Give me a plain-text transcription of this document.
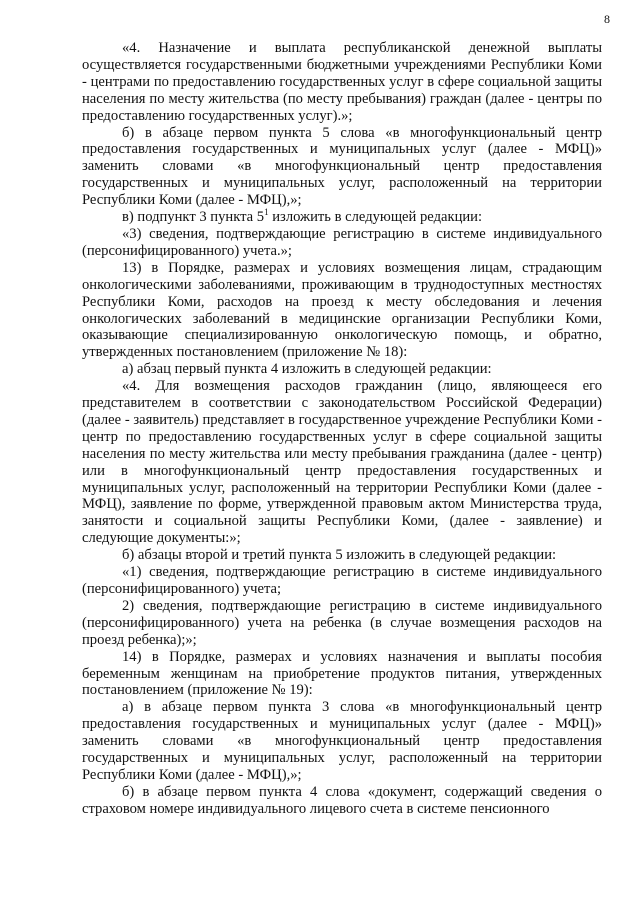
8

«4. Назначение и выплата республиканской денежной выплаты осуществляется государственными бюджетными учреждениями Республики Коми - центрами по предоставлению государственных услуг в сфере социальной защиты населения по месту жительства (по месту пребывания) граждан (далее - центры по предоставлению государственных услуг).»;

б) в абзаце первом пункта 5 слова «в многофункциональный центр предоставления государственных и муниципальных услуг (далее - МФЦ)» заменить словами «в многофункциональный центр предоставления государственных и муниципальных услуг, расположенный на территории Республики Коми (далее - МФЦ),»;

в) подпункт 3 пункта $5^1$ изложить в следующей редакции:

«3) сведения, подтверждающие регистрацию в системе индивидуального (персонифицированного) учета.»;

13) в Порядке, размерах и условиях возмещения лицам, страдающим онкологическими заболеваниями, проживающим в труднодоступных местностях Республики Коми, расходов на проезд к месту обследования и лечения онкологических заболеваний в медицинские организации Республики Коми, оказывающие специализированную онкологическую помощь, и обратно, утвержденных постановлением (приложение № 18):

а) абзац первый пункта 4 изложить в следующей редакции:

«4. Для возмещения расходов гражданин (лицо, являющееся его представителем в соответствии с законодательством Российской Федерации) (далее - заявитель) представляет в государственное учреждение Республики Коми - центр по предоставлению государственных услуг в сфере социальной защиты населения по месту жительства или месту пребывания гражданина (далее - центр) или в многофункциональный центр предоставления государственных и муниципальных услуг, расположенный на территории Республики Коми (далее - МФЦ), заявление по форме, утвержденной правовым актом Министерства труда, занятости и социальной защиты Республики Коми, (далее - заявление) и следующие документы:»;

б) абзацы второй и третий пункта 5 изложить в следующей редакции:

«1) сведения, подтверждающие регистрацию в системе индивидуального (персонифицированного) учета;

2) сведения, подтверждающие регистрацию в системе индивидуального (персонифицированного) учета на ребенка (в случае возмещения расходов на проезд ребенка);»;

14) в Порядке, размерах и условиях назначения и выплаты пособия беременным женщинам на приобретение продуктов питания, утвержденных постановлением (приложение № 19):

а) в абзаце первом пункта 3 слова «в многофункциональный центр предоставления государственных и муниципальных услуг (далее - МФЦ)» заменить словами «в многофункциональный центр предоставления государственных и муниципальных услуг, расположенный на территории Республики Коми (далее - МФЦ),»;

б) в абзаце первом пункта 4 слова «документ, содержащий сведения о страховом номере индивидуального лицевого счета в системе пенсионного
